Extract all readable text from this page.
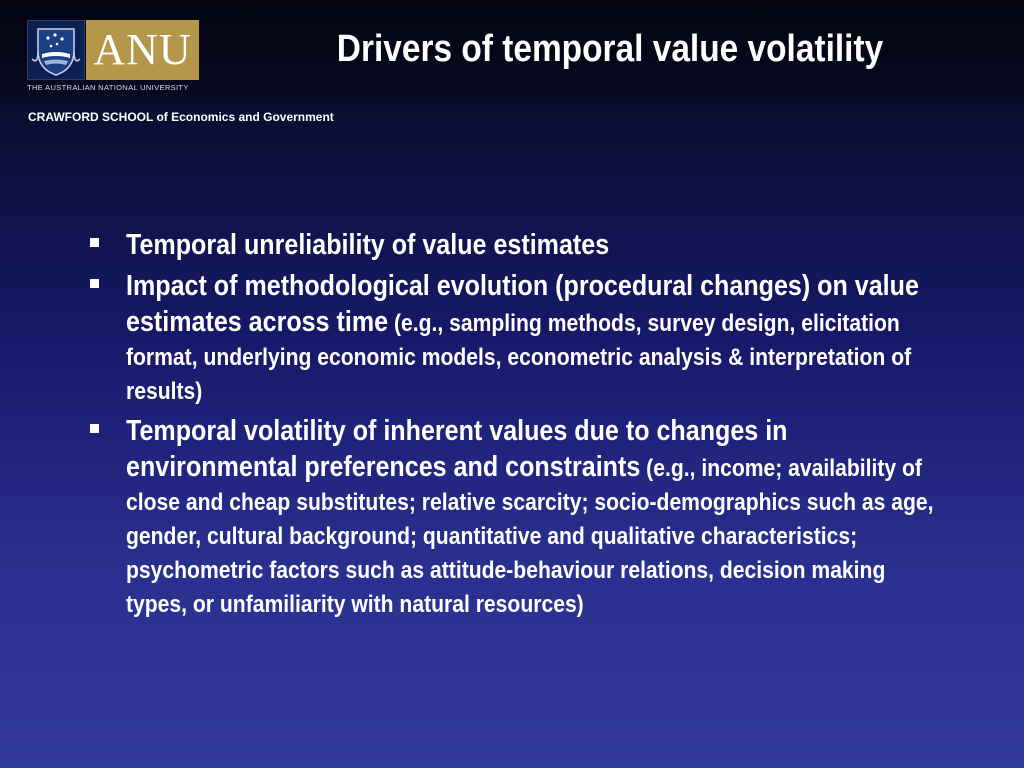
ANU
THE AUSTRALIAN NATIONAL UNIVERSITY
CRAWFORD SCHOOL of Economics and Government
Drivers of temporal value volatility
Temporal unreliability of value estimates
Impact of methodological evolution (procedural changes) on value estimates across time (e.g., sampling methods, survey design, elicitation format, underlying economic models, econometric analysis & interpretation of results)
Temporal volatility of inherent values due to changes in environmental preferences and constraints (e.g., income; availability of close and cheap substitutes; relative scarcity; socio-demographics such as age, gender, cultural background; quantitative and qualitative characteristics; psychometric factors such as attitude-behaviour relations, decision making types, or unfamiliarity with natural resources)
